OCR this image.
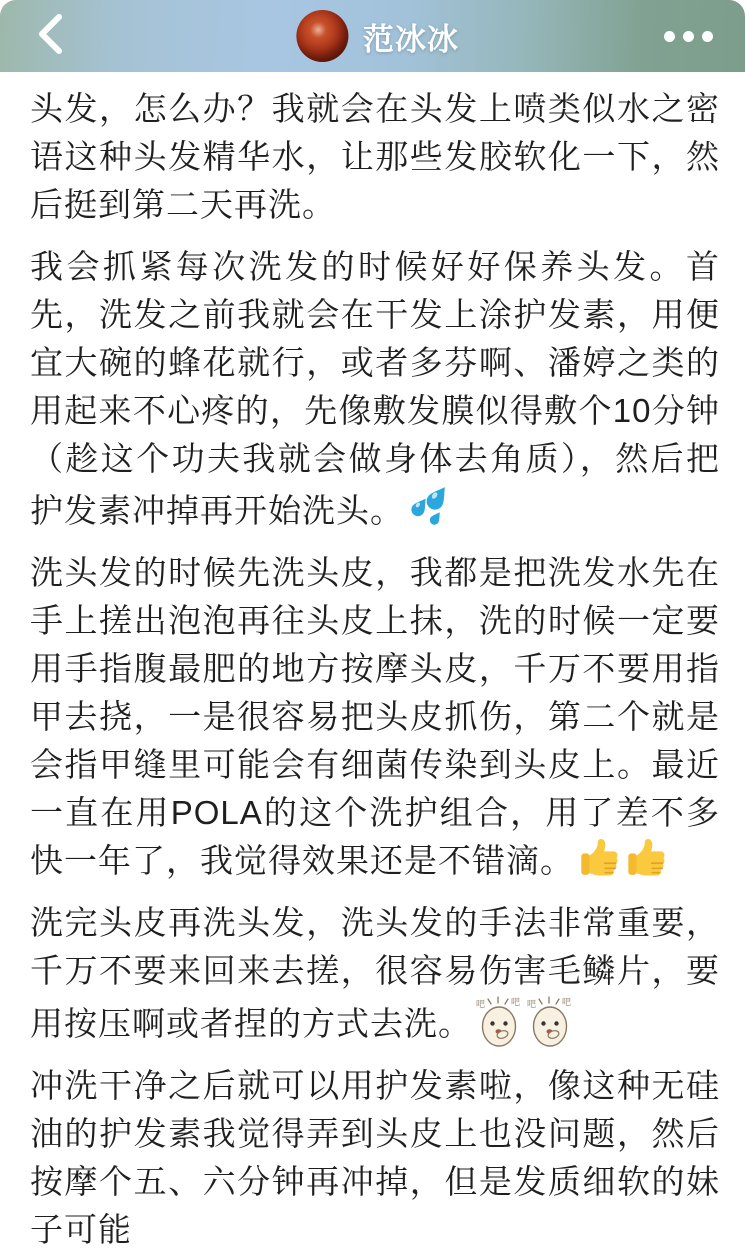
范冰冰

头发，怎么办？我就会在头发上喷类似水之密语这种头发精华水，让那些发胶软化一下，然后挺到第二天再洗。

我会抓紧每次洗发的时候好好保养头发。首先，洗发之前我就会在干发上涂护发素，用便宜大碗的蜂花就行，或者多芬啊、潘婷之类的用起来不心疼的，先像敷发膜似得敷个10分钟（趁这个功夫我就会做身体去角质），然后把护发素冲掉再开始洗头。

洗头发的时候先洗头皮，我都是把洗发水先在手上搓出泡泡再往头皮上抹，洗的时候一定要用手指腹最肥的地方按摩头皮，千万不要用指甲去挠，一是很容易把头皮抓伤，第二个就是会指甲缝里可能会有细菌传染到头皮上。最近一直在用POLA的这个洗护组合，用了差不多快一年了，我觉得效果还是不错滴。

洗完头皮再洗头发，洗头发的手法非常重要，千万不要来回来去搓，很容易伤害毛鳞片，要用按压啊或者捏的方式去洗。
吧	吧 吧	吧

冲洗干净之后就可以用护发素啦，像这种无硅油的护发素我觉得弄到头皮上也没问题，然后按摩个五、六分钟再冲掉，但是发质细软的妹子可能
